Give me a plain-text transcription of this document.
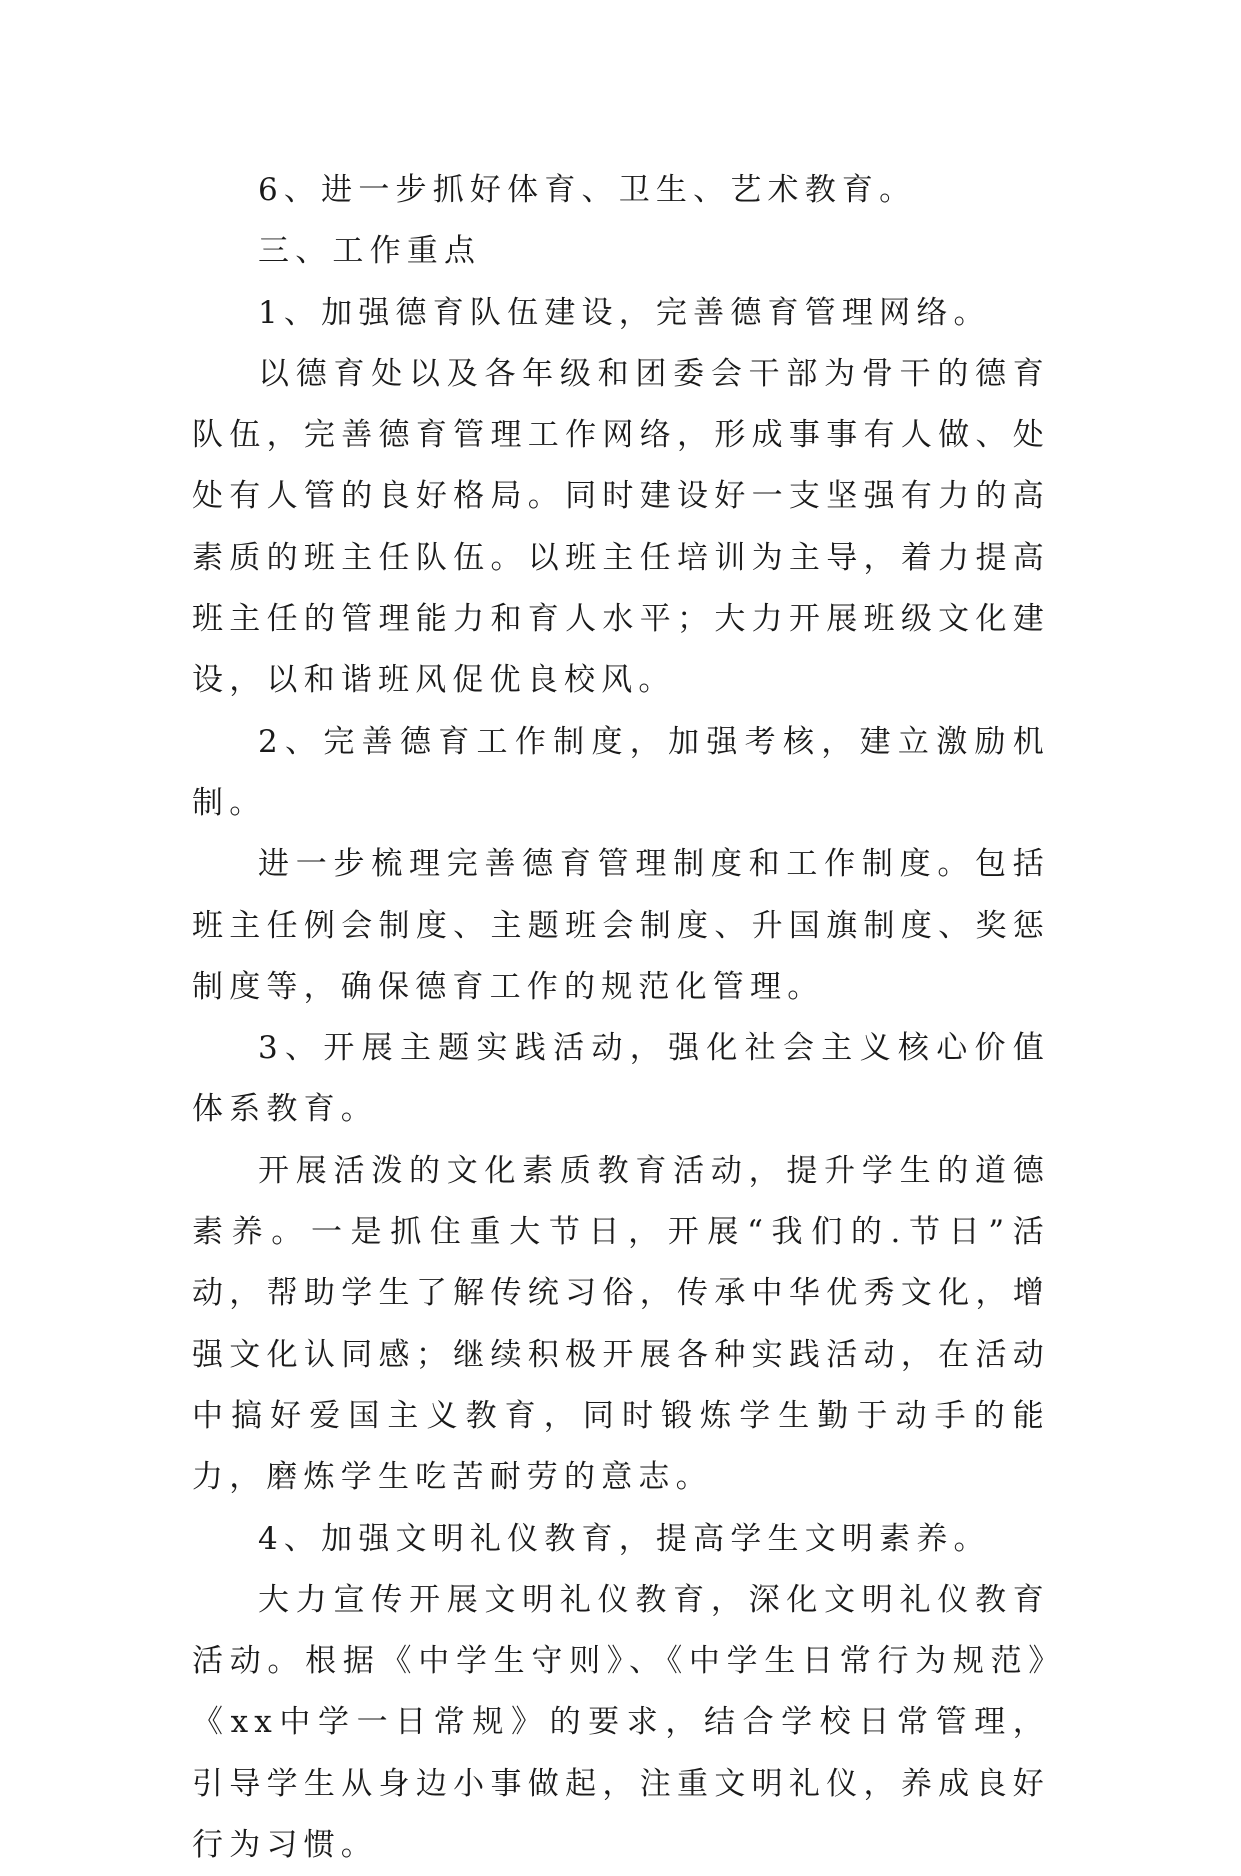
6、进一步抓好体育、卫生、艺术教育。

三、工作重点

1、加强德育队伍建设，完善德育管理网络。

以德育处以及各年级和团委会干部为骨干的德育队伍，完善德育管理工作网络，形成事事有人做、处处有人管的良好格局。同时建设好一支坚强有力的高素质的班主任队伍。以班主任培训为主导，着力提高班主任的管理能力和育人水平；大力开展班级文化建设，以和谐班风促优良校风。

2、完善德育工作制度，加强考核，建立激励机制。

进一步梳理完善德育管理制度和工作制度。包括班主任例会制度、主题班会制度、升国旗制度、奖惩制度等，确保德育工作的规范化管理。

3、开展主题实践活动，强化社会主义核心价值体系教育。

开展活泼的文化素质教育活动，提升学生的道德素养。一是抓住重大节日，开展“我们的.节日”活动，帮助学生了解传统习俗，传承中华优秀文化，增强文化认同感；继续积极开展各种实践活动，在活动中搞好爱国主义教育，同时锻炼学生勤于动手的能力，磨炼学生吃苦耐劳的意志。

4、加强文明礼仪教育，提高学生文明素养。

大力宣传开展文明礼仪教育，深化文明礼仪教育活动。根据《中学生守则》、《中学生日常行为规范》《xx中学一日常规》的要求，结合学校日常管理，引导学生从身边小事做起，注重文明礼仪，养成良好行为习惯。
